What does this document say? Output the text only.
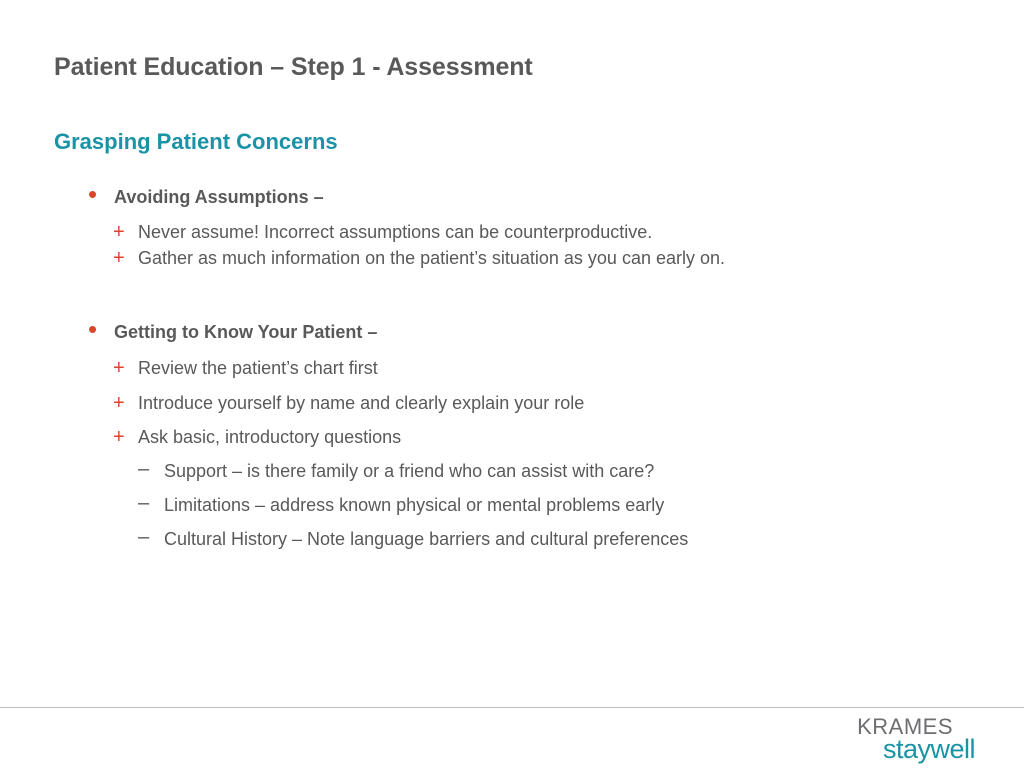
Patient Education – Step 1 - Assessment
Grasping Patient Concerns
• Avoiding Assumptions –
+ Never assume! Incorrect assumptions can be counterproductive.
+ Gather as much information on the patient’s situation as you can early on.
• Getting to Know Your Patient –
+ Review the patient’s chart first
+ Introduce yourself by name and clearly explain your role
+ Ask basic, introductory questions
– Support – is there family or a friend who can assist with care?
– Limitations – address known physical or mental problems early
– Cultural History – Note language barriers and cultural preferences
KRAMES
staywell
